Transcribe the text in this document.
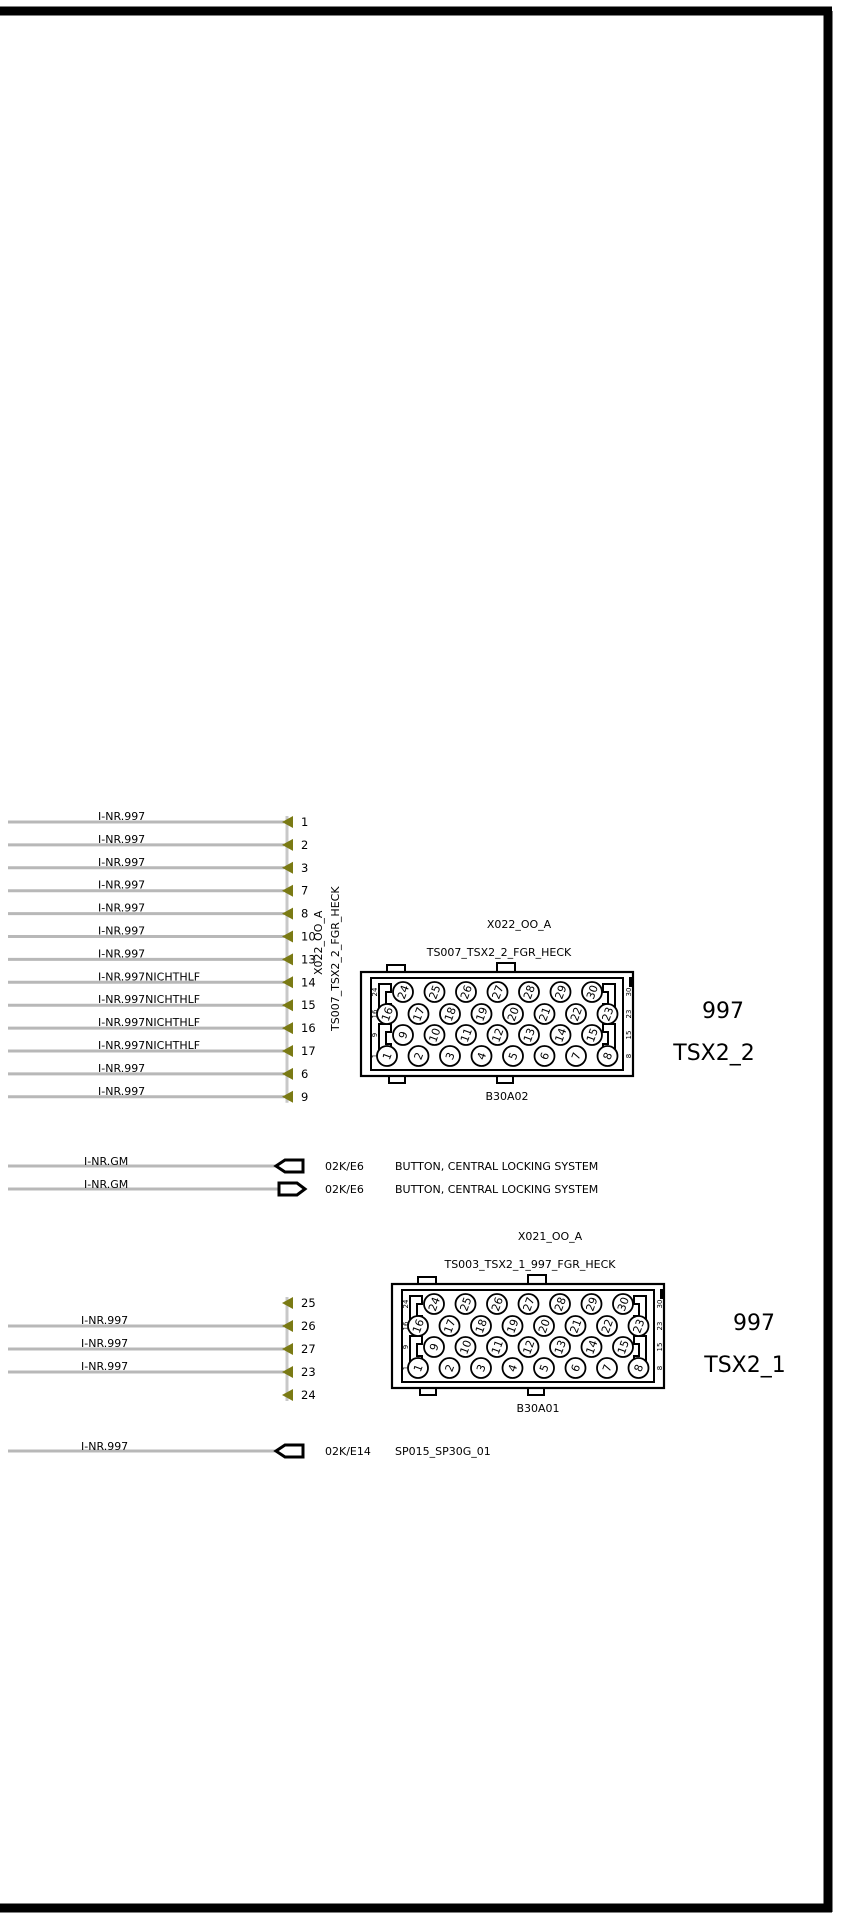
I-NR.997	1
I-NR.997	2
I-NR.997	3
I-NR.997	7
I-NR.997	8
I-NR.997	10
I-NR.997	13
I-NR.997NICHTHLF	14
I-NR.997NICHTHLF	15
I-NR.997NICHTHLF	16
I-NR.997NICHTHLF	17
I-NR.997	6
I-NR.997	9
X022_OO_A TS007_TSX2_2_FGR_HECK	X022_OO_A
TS007_TSX2_2_FGR_HECK
24 25 26 27 28 29 30
16 17 18 19 20 21 22 23
9 10 11 12 13 14 15
1 2 3 4 5 6 7 8
24
16
9
1
30
23
15
8
B30A02
997
TSX2_2
I-NR.GM	02K/E6	BUTTON, CENTRAL LOCKING SYSTEM
I-NR.GM	02K/E6	BUTTON, CENTRAL LOCKING SYSTEM
25
I-NR.997	26
I-NR.997	27
I-NR.997	23
24
X021_OO_A
TS003_TSX2_1_997_FGR_HECK
24 25 26 27 28 29 30
16 17 18 19 20 21 22 23
9 10 11 12 13 14 15
1 2 3 4 5 6 7 8
24
16
9
1
30
23
15
8
B30A01
997
TSX2_1
I-NR.997	02K/E14 SP015_SP30G_01
